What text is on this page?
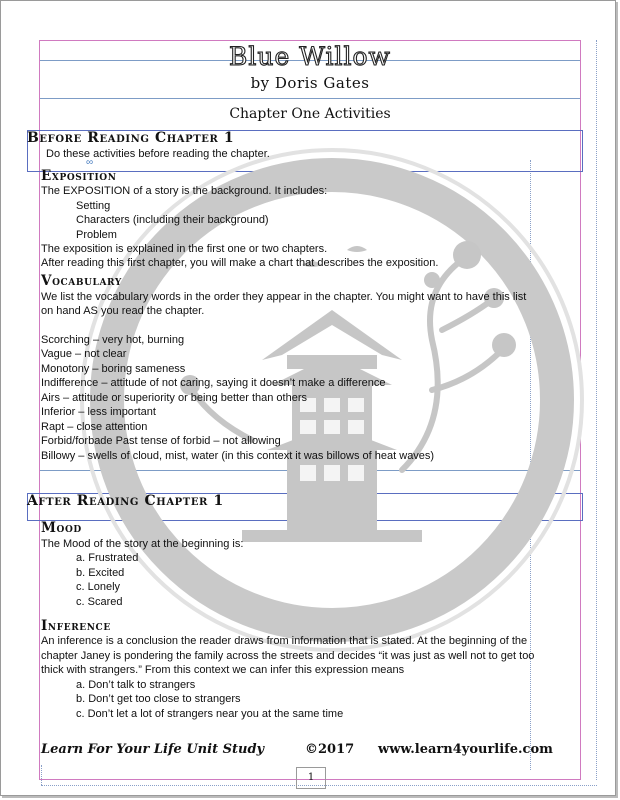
Blue Willow
by Doris Gates
Chapter One Activities
Before Reading Chapter 1
Do these activities before reading the chapter.
∞
Exposition
The EXPOSITION of a story is the background. It includes:
Setting
Characters (including their background)
Problem
The exposition is explained in the first one or two chapters.
After reading this first chapter, you will make a chart that describes the exposition.
Vocabulary
We list the vocabulary words in the order they appear in the chapter. You might want to have this list
on hand AS you read the chapter.
Scorching – very hot, burning
Vague – not clear
Monotony – boring sameness
Indifference – attitude of not caring, saying it doesn’t make a difference
Airs – attitude or superiority or being better than others
Inferior – less important
Rapt – close attention
Forbid/forbade Past tense of forbid – not allowing
Billowy – swells of cloud, mist, water (in this context it was billows of heat waves)
After Reading Chapter 1
Mood
The Mood of the story at the beginning is:
a. Frustrated
b. Excited
c. Lonely
c. Scared
Inference
An inference is a conclusion the reader draws from information that is stated. At the beginning of the
chapter Janey is pondering the family across the streets and decides “it was just as well not to get too
thick with strangers.” From this context we can infer this expression means
a. Don’t talk to strangers
b. Don’t get too close to strangers
c. Don’t let a lot of strangers near you at the same time
Learn For Your Life Unit Study	©2017 www.learn4yourlife.com
1
